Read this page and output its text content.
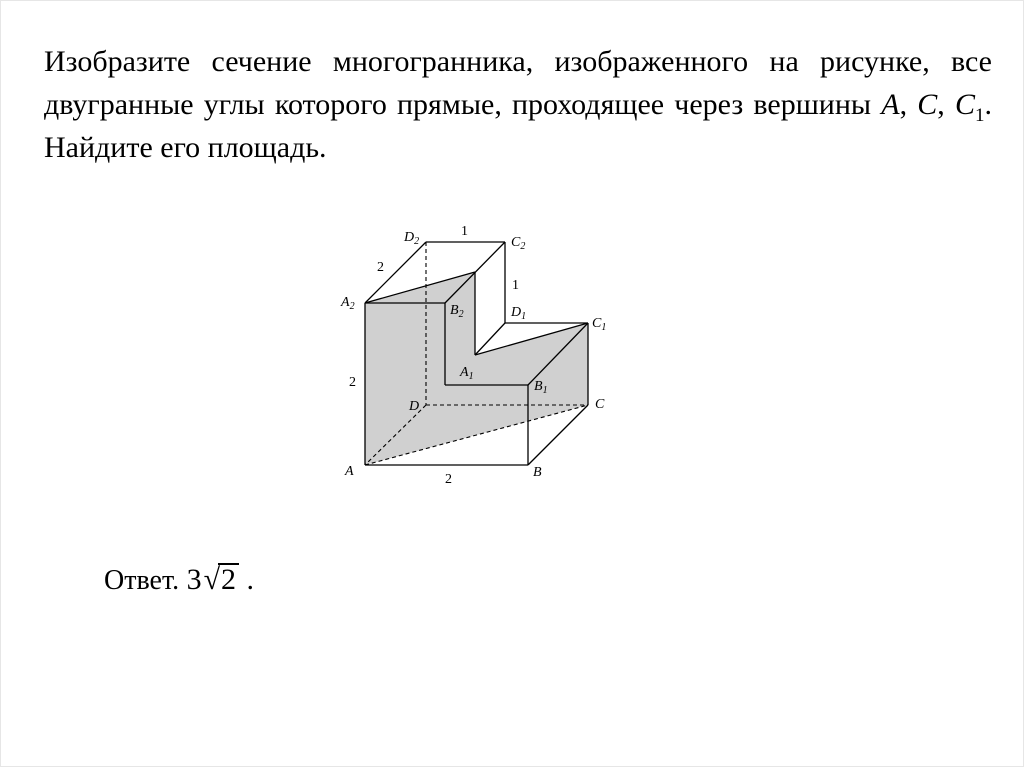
Изобразите сечение многогранника, изображенного на рисунке, все двугранные углы которого прямые, проходящее через вершины A, C, $C_1$. Найдите его площадь.
$D_2$	$C_2$
$A_2$	$B_2$	$D_1$	$C_1$
$A_1$
$B_1$
D	C
A	B
1
1
2
2
2
Ответ. 3√2 .
